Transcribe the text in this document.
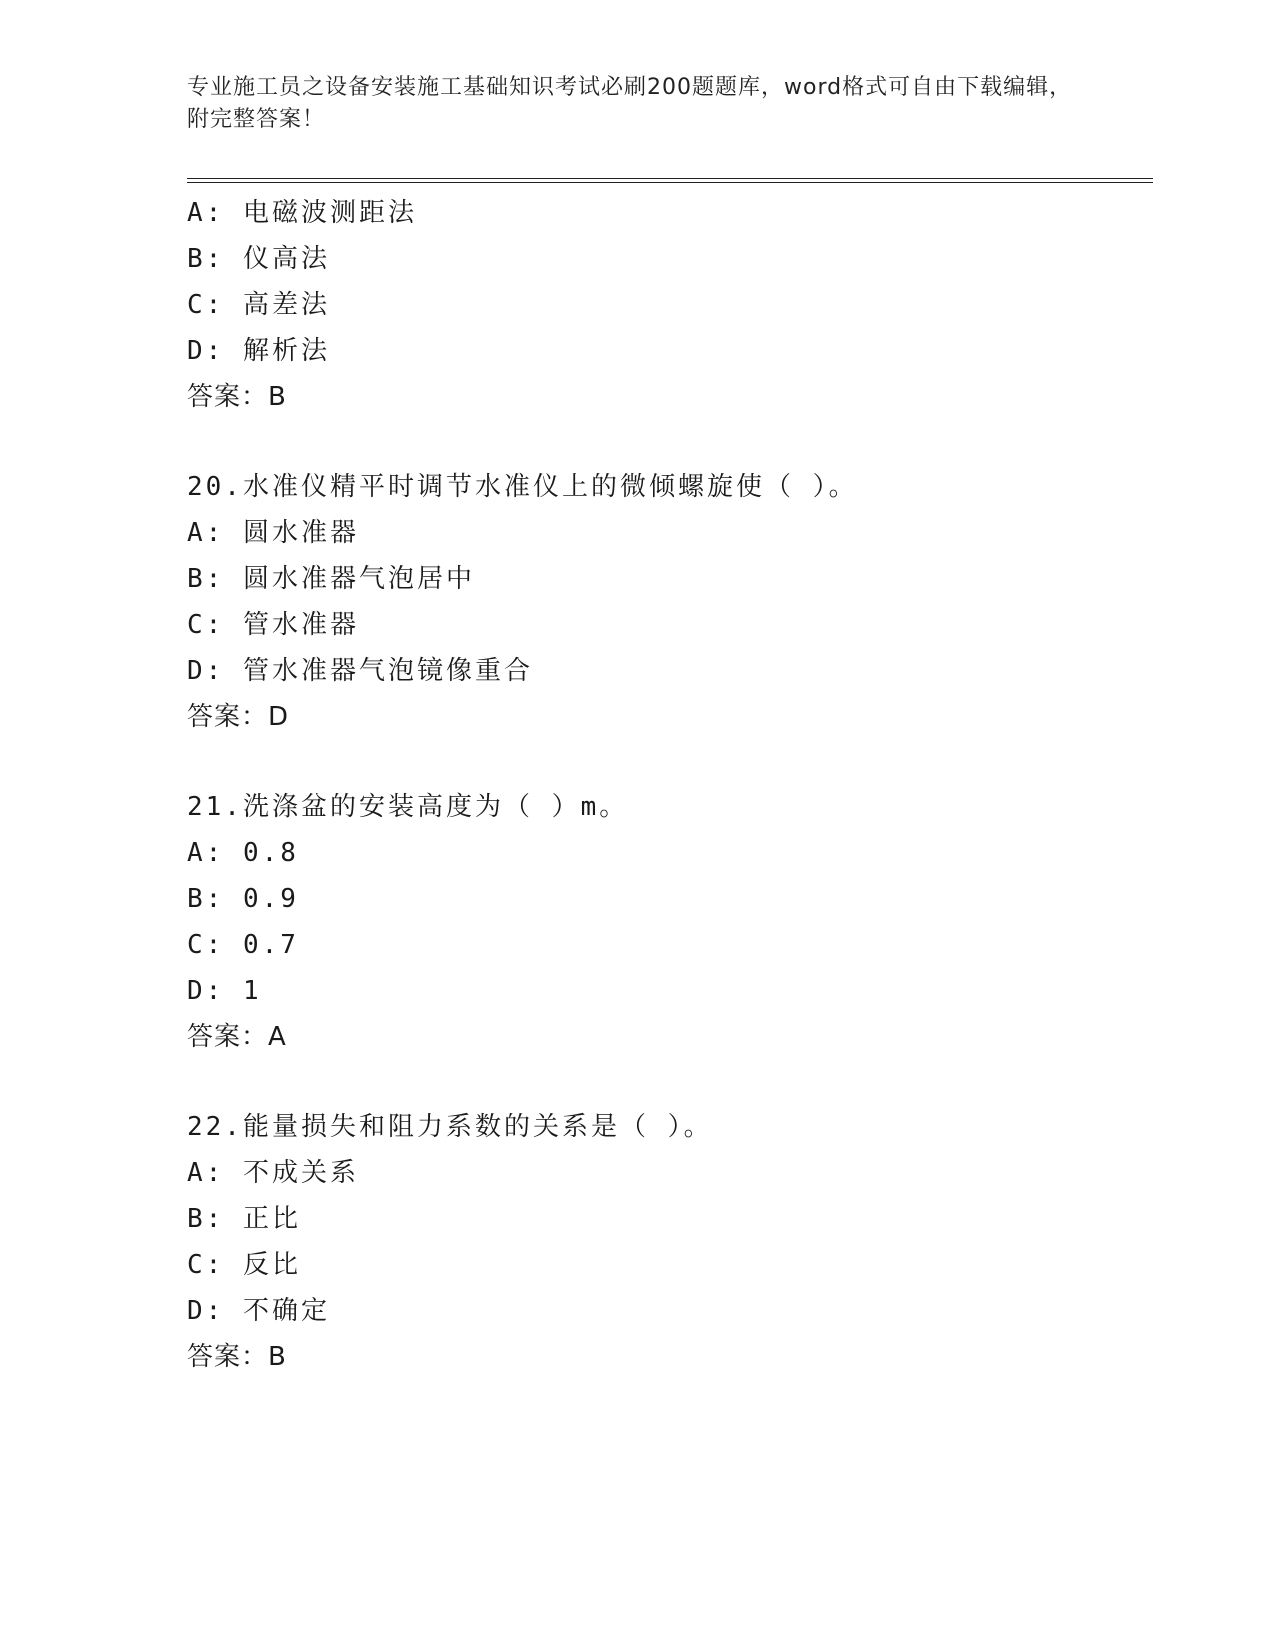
专业施工员之设备安装施工基础知识考试必刷200题题库，word格式可自由下载编辑，附完整答案！
A: 电磁波测距法
B: 仪高法
C: 高差法
D: 解析法
答案：B
20.水准仪精平时调节水准仪上的微倾螺旋使（ ）。
A: 圆水准器
B: 圆水准器气泡居中
C: 管水准器
D: 管水准器气泡镜像重合
答案：D
21.洗涤盆的安装高度为（ ）m。
A: 0.8
B: 0.9
C: 0.7
D: 1
答案：A
22.能量损失和阻力系数的关系是（ ）。
A: 不成关系
B: 正比
C: 反比
D: 不确定
答案：B
